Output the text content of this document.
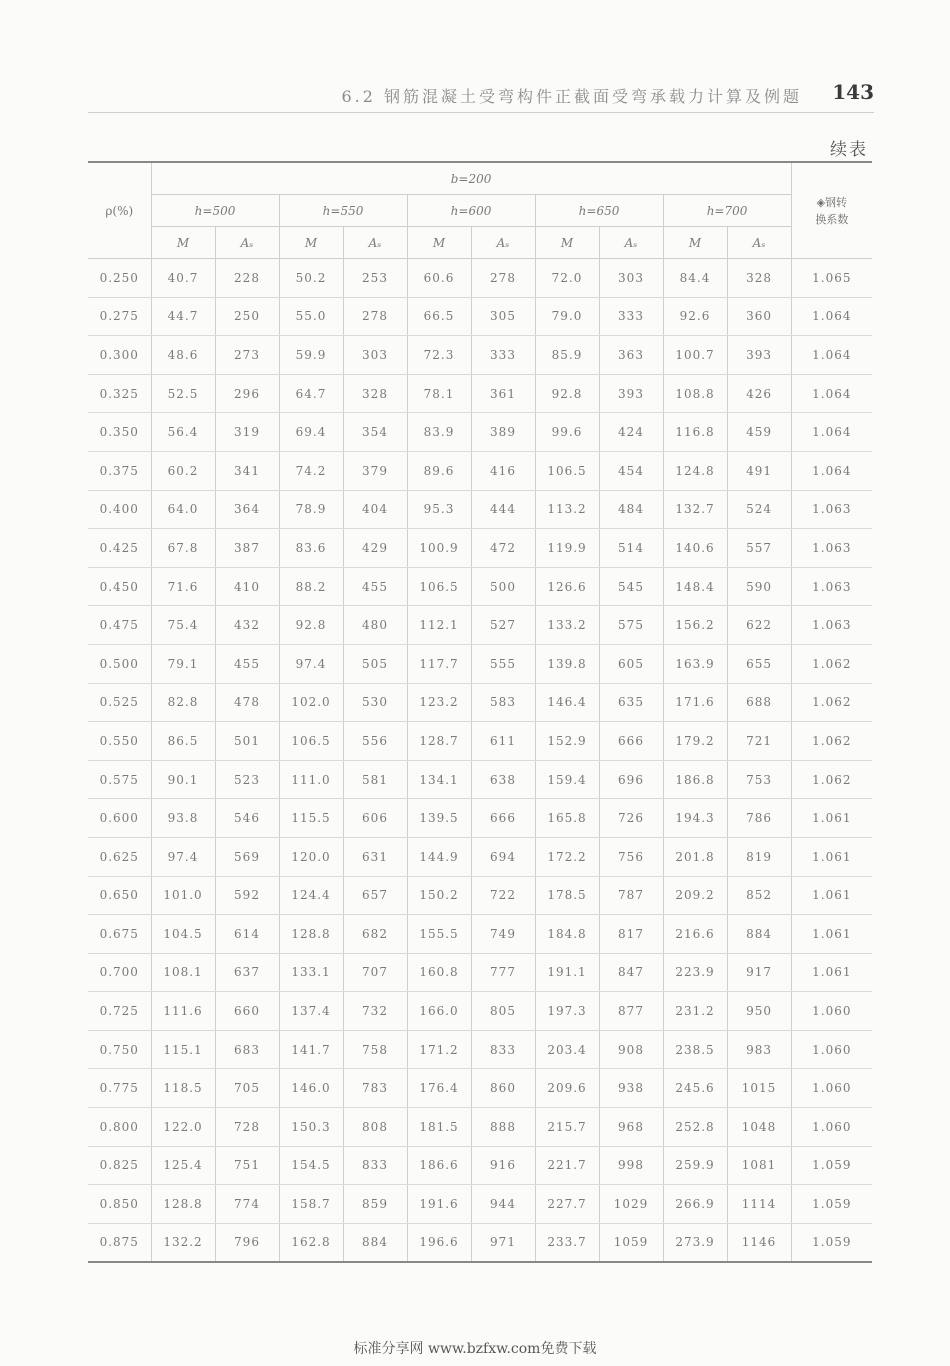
6.2 钢筋混凝土受弯构件正截面受弯承载力计算及例题 143
续表
ρ(%)	b=200										◈钢转
换系数

	h=500		h=550		h=600		h=650		h=700		
	M	Aₛ	M	Aₛ	M	Aₛ	M	Aₛ	M	Aₛ	
0.250	40.7	228	50.2	253	60.6	278	72.0	303	84.4	328	1.065
0.275	44.7	250	55.0	278	66.5	305	79.0	333	92.6	360	1.064
0.300	48.6	273	59.9	303	72.3	333	85.9	363	100.7	393	1.064
0.325	52.5	296	64.7	328	78.1	361	92.8	393	108.8	426	1.064
0.350	56.4	319	69.4	354	83.9	389	99.6	424	116.8	459	1.064
0.375	60.2	341	74.2	379	89.6	416	106.5	454	124.8	491	1.064
0.400	64.0	364	78.9	404	95.3	444	113.2	484	132.7	524	1.063
0.425	67.8	387	83.6	429	100.9	472	119.9	514	140.6	557	1.063
0.450	71.6	410	88.2	455	106.5	500	126.6	545	148.4	590	1.063
0.475	75.4	432	92.8	480	112.1	527	133.2	575	156.2	622	1.063
0.500	79.1	455	97.4	505	117.7	555	139.8	605	163.9	655	1.062
0.525	82.8	478	102.0	530	123.2	583	146.4	635	171.6	688	1.062
0.550	86.5	501	106.5	556	128.7	611	152.9	666	179.2	721	1.062
0.575	90.1	523	111.0	581	134.1	638	159.4	696	186.8	753	1.062
0.600	93.8	546	115.5	606	139.5	666	165.8	726	194.3	786	1.061
0.625	97.4	569	120.0	631	144.9	694	172.2	756	201.8	819	1.061
0.650	101.0	592	124.4	657	150.2	722	178.5	787	209.2	852	1.061
0.675	104.5	614	128.8	682	155.5	749	184.8	817	216.6	884	1.061
0.700	108.1	637	133.1	707	160.8	777	191.1	847	223.9	917	1.061
0.725	111.6	660	137.4	732	166.0	805	197.3	877	231.2	950	1.060
0.750	115.1	683	141.7	758	171.2	833	203.4	908	238.5	983	1.060
0.775	118.5	705	146.0	783	176.4	860	209.6	938	245.6	1015	1.060
0.800	122.0	728	150.3	808	181.5	888	215.7	968	252.8	1048	1.060
0.825	125.4	751	154.5	833	186.6	916	221.7	998	259.9	1081	1.059
0.850	128.8	774	158.7	859	191.6	944	227.7	1029	266.9	1114	1.059
0.875	132.2	796	162.8	884	196.6	971	233.7	1059	273.9	1146	1.059
标准分享网 www.bzfxw.com免费下载
